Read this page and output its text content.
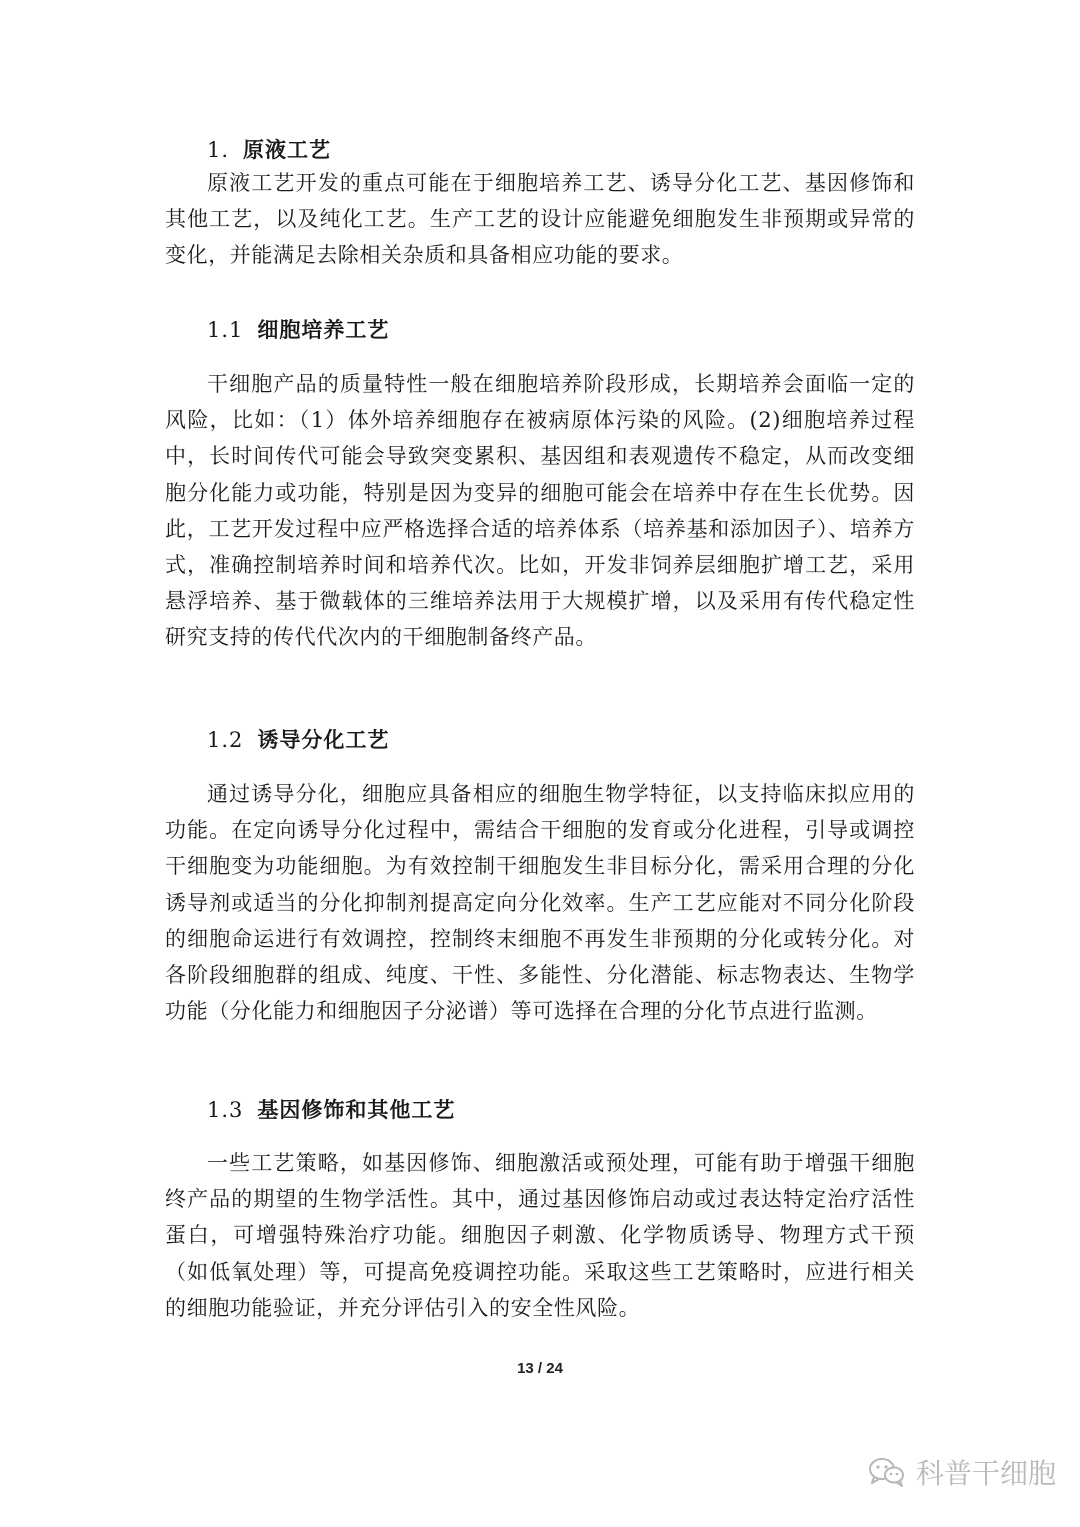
1. 原液工艺

原液工艺开发的重点可能在于细胞培养工艺、诱导分化工艺、基因修饰和其他工艺，以及纯化工艺。生产工艺的设计应能避免细胞发生非预期或异常的变化，并能满足去除相关杂质和具备相应功能的要求。

1.1 细胞培养工艺

干细胞产品的质量特性一般在细胞培养阶段形成，长期培养会面临一定的风险，比如：（1）体外培养细胞存在被病原体污染的风险。(2)细胞培养过程中，长时间传代可能会导致突变累积、基因组和表观遗传不稳定，从而改变细胞分化能力或功能，特别是因为变异的细胞可能会在培养中存在生长优势。因此，工艺开发过程中应严格选择合适的培养体系（培养基和添加因子）、培养方式，准确控制培养时间和培养代次。比如，开发非饲养层细胞扩增工艺，采用悬浮培养、基于微载体的三维培养法用于大规模扩增，以及采用有传代稳定性研究支持的传代代次内的干细胞制备终产品。

1.2 诱导分化工艺

通过诱导分化，细胞应具备相应的细胞生物学特征，以支持临床拟应用的功能。在定向诱导分化过程中，需结合干细胞的发育或分化进程，引导或调控干细胞变为功能细胞。为有效控制干细胞发生非目标分化，需采用合理的分化诱导剂或适当的分化抑制剂提高定向分化效率。生产工艺应能对不同分化阶段的细胞命运进行有效调控，控制终末细胞不再发生非预期的分化或转分化。对各阶段细胞群的组成、纯度、干性、多能性、分化潜能、标志物表达、生物学功能（分化能力和细胞因子分泌谱）等可选择在合理的分化节点进行监测。

1.3 基因修饰和其他工艺

一些工艺策略，如基因修饰、细胞激活或预处理，可能有助于增强干细胞终产品的期望的生物学活性。其中，通过基因修饰启动或过表达特定治疗活性蛋白，可增强特殊治疗功能。细胞因子刺激、化学物质诱导、物理方式干预（如低氧处理）等，可提高免疫调控功能。采取这些工艺策略时，应进行相关的细胞功能验证，并充分评估引入的安全性风险。

13 / 24
科普干细胞
